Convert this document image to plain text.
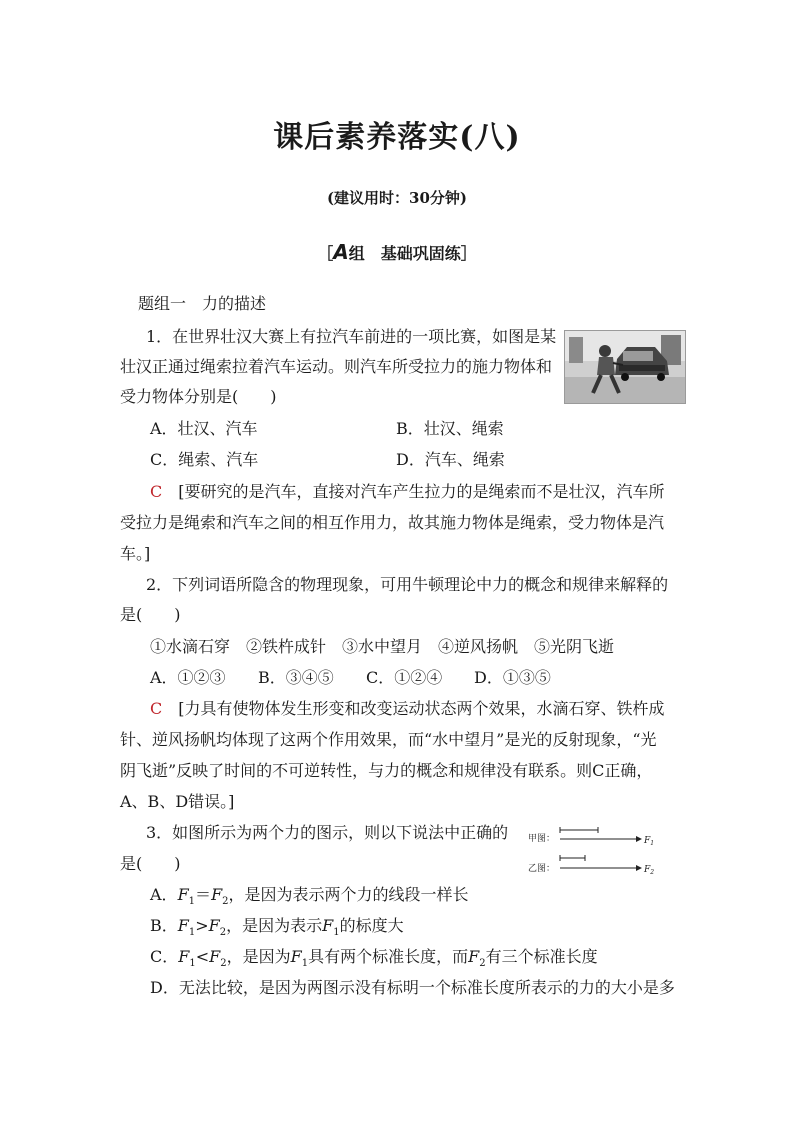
课后素养落实(八)
(建议用时：30分钟)
［A组　基础巩固练］
题组一　力的描述
1．在世界壮汉大赛上有拉汽车前进的一项比赛，如图是某
壮汉正通过绳索拉着汽车运动。则汽车所受拉力的施力物体和
受力物体分别是(　　)
A．壮汉、汽车	B．壮汉、绳索
C．绳索、汽车	D．汽车、绳索
C　 [要研究的是汽车，直接对汽车产生拉力的是绳索而不是壮汉，汽车所
受拉力是绳索和汽车之间的相互作用力，故其施力物体是绳索，受力物体是汽
车。]
2．下列词语所隐含的物理现象，可用牛顿理论中力的概念和规律来解释的
是(　　)
①水滴石穿　②铁杵成针　③水中望月　④逆风扬帆　⑤光阴飞逝
A．①②③ B．③④⑤ C．①②④ D．①③⑤
C　 [力具有使物体发生形变和改变运动状态两个效果，水滴石穿、铁杵成
针、逆风扬帆均体现了这两个作用效果，而“水中望月”是光的反射现象，“光
阴飞逝”反映了时间的不可逆转性，与力的概念和规律没有联系。则C正确，
A、B、D错误。]
3．如图所示为两个力的图示，则以下说法中正确的
是(　　)
甲图：	$F_1$
乙图：	$F_2$
A．$F_1=F_2$，是因为表示两个力的线段一样长
B．$F_1>F_2$，是因为表示$F_1$的标度大
C．$F_1<F_2$，是因为$F_1$具有两个标准长度，而$F_2$有三个标准长度
D．无法比较，是因为两图示没有标明一个标准长度所表示的力的大小是多
